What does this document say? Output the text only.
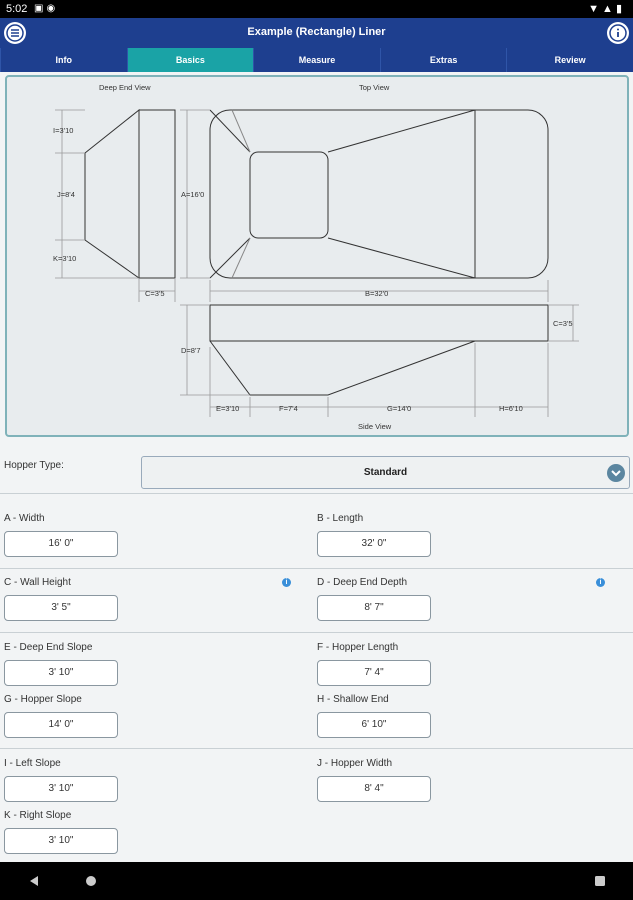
5:02 ▣◉	▼▲▮
Example (Rectangle) Liner
Info	Basics	Measure	Extras	Review
Deep End View	Top View
Side View
I=3'10
J=8'4
K=3'10
A=16'0
C=3'5	B=32'0
C=3'5
D=8'7
E=3'10	F=7'4	G=14'0	H=6'10
Hopper Type:
Standard
A - Width
16' 0"
B - Length
32' 0"
C - Wall Height	i
3' 5"
D - Deep End Depth	i
8' 7"
E - Deep End Slope
3' 10"
F - Hopper Length
7' 4"
G - Hopper Slope
14' 0"
H - Shallow End
6' 10"
I - Left Slope
3' 10"
J - Hopper Width
8' 4"
K - Right Slope
3' 10"
